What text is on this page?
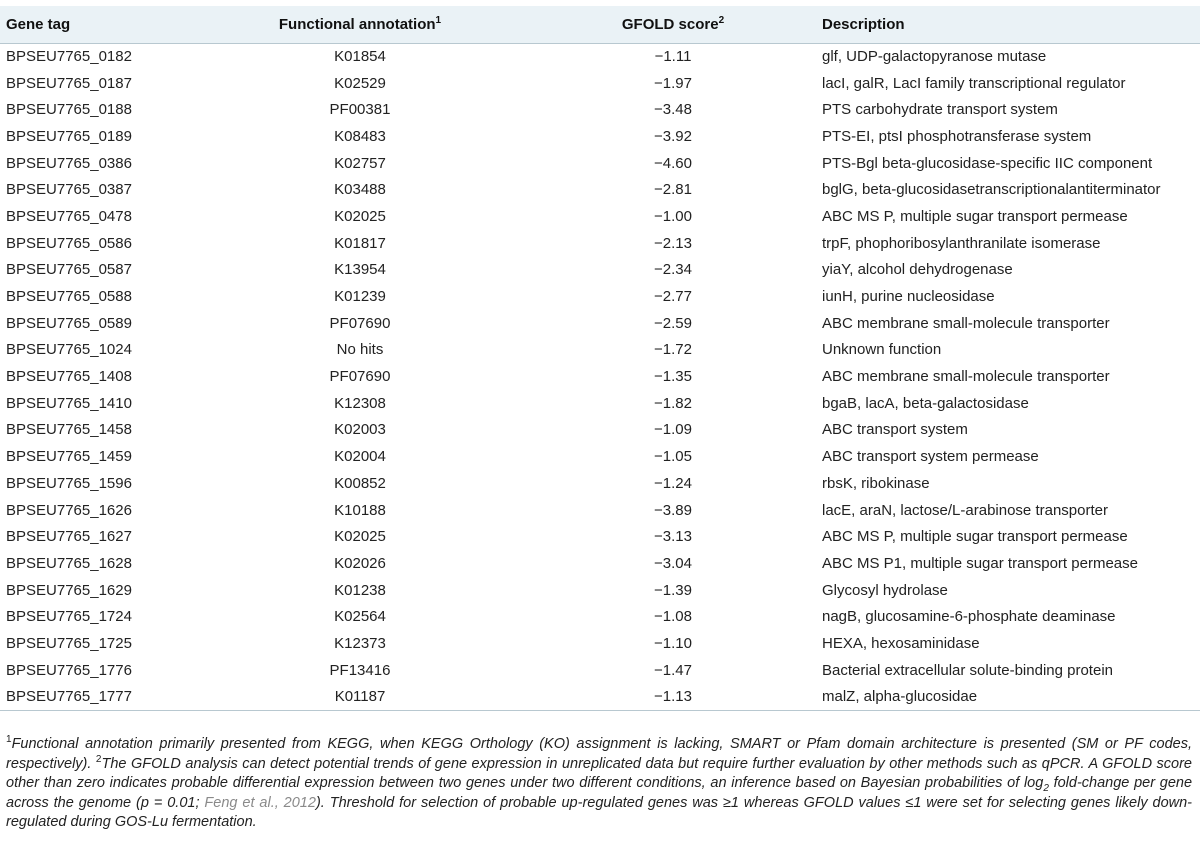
Gene tag	Functional annotation$^1$	GFOLD score$^2$	Description
BPSEU7765_0182	K01854	−1.11	glf, UDP-galactopyranose mutase
BPSEU7765_0187	K02529	−1.97	lacI, galR, LacI family transcriptional regulator
BPSEU7765_0188	PF00381	−3.48	PTS carbohydrate transport system
BPSEU7765_0189	K08483	−3.92	PTS-EI, ptsI phosphotransferase system
BPSEU7765_0386	K02757	−4.60	PTS-Bgl beta-glucosidase-specific IIC component
BPSEU7765_0387	K03488	−2.81	bglG, beta-glucosidasetranscriptionalantiterminator
BPSEU7765_0478	K02025	−1.00	ABC MS P, multiple sugar transport permease
BPSEU7765_0586	K01817	−2.13	trpF, phophoribosylanthranilate isomerase
BPSEU7765_0587	K13954	−2.34	yiaY, alcohol dehydrogenase
BPSEU7765_0588	K01239	−2.77	iunH, purine nucleosidase
BPSEU7765_0589	PF07690	−2.59	ABC membrane small-molecule transporter
BPSEU7765_1024	No hits	−1.72	Unknown function
BPSEU7765_1408	PF07690	−1.35	ABC membrane small-molecule transporter
BPSEU7765_1410	K12308	−1.82	bgaB, lacA, beta-galactosidase
BPSEU7765_1458	K02003	−1.09	ABC transport system
BPSEU7765_1459	K02004	−1.05	ABC transport system permease
BPSEU7765_1596	K00852	−1.24	rbsK, ribokinase
BPSEU7765_1626	K10188	−3.89	lacE, araN, lactose/L-arabinose transporter
BPSEU7765_1627	K02025	−3.13	ABC MS P, multiple sugar transport permease
BPSEU7765_1628	K02026	−3.04	ABC MS P1, multiple sugar transport permease
BPSEU7765_1629	K01238	−1.39	Glycosyl hydrolase
BPSEU7765_1724	K02564	−1.08	nagB, glucosamine-6-phosphate deaminase
BPSEU7765_1725	K12373	−1.10	HEXA, hexosaminidase
BPSEU7765_1776	PF13416	−1.47	Bacterial extracellular solute-binding protein
BPSEU7765_1777	K01187	−1.13	malZ, alpha-glucosidae
$^1$Functional annotation primarily presented from KEGG, when KEGG Orthology (KO) assignment is lacking, SMART or Pfam domain architecture is presented (SM or PF codes, respectively). $^2$The GFOLD analysis can detect potential trends of gene expression in unreplicated data but require further evaluation by other methods such as qPCR. A GFOLD score other than zero indicates probable differential expression between two genes under two different conditions, an inference based on Bayesian probabilities of $\log_2$ fold-change per gene across the genome (p = 0.01; Feng et al., 2012). Threshold for selection of probable up-regulated genes was ≥1 whereas GFOLD values ≤1 were set for selecting genes likely down-regulated during GOS-Lu fermentation.
